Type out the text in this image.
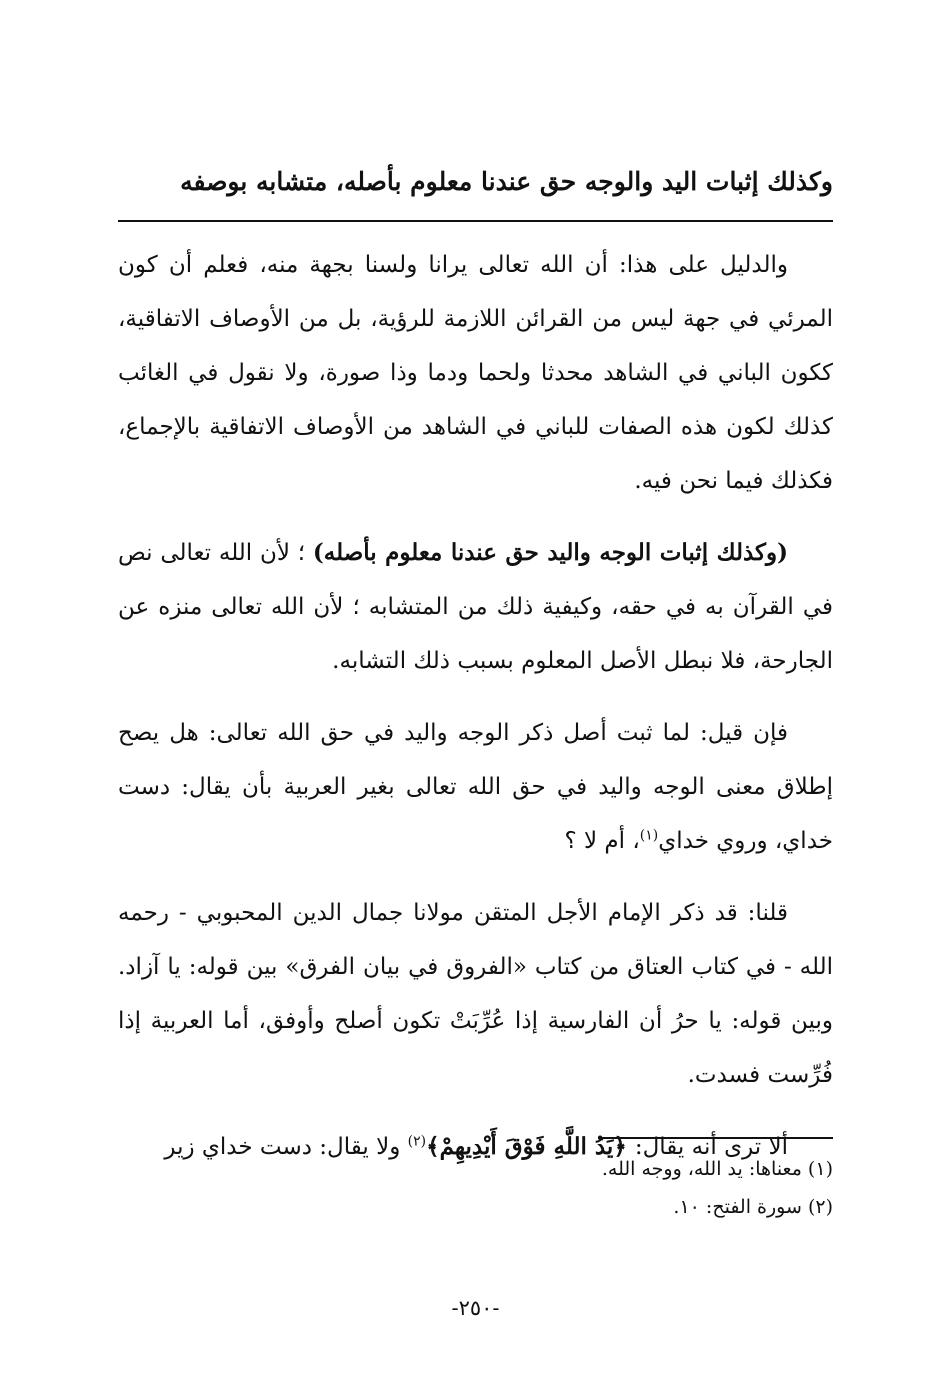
وكذلك إثبات اليد والوجه حق عندنا معلوم بأصله، متشابه بوصفه

والدليل على هذا: أن الله تعالى يرانا ولسنا بجهة منه، فعلم أن كون المرئي في جهة ليس من القرائن اللازمة للرؤية، بل من الأوصاف الاتفاقية، ككون الباني في الشاهد محدثا ولحما ودما وذا صورة، ولا نقول في الغائب كذلك لكون هذه الصفات للباني في الشاهد من الأوصاف الاتفاقية بالإجماع، فكذلك فيما نحن فيه.

(وكذلك إثبات الوجه واليد حق عندنا معلوم بأصله) ؛ لأن الله تعالى نص في القرآن به في حقه، وكيفية ذلك من المتشابه ؛ لأن الله تعالى منزه عن الجارحة، فلا نبطل الأصل المعلوم بسبب ذلك التشابه.

فإن قيل: لما ثبت أصل ذكر الوجه واليد في حق الله تعالى: هل يصح إطلاق معنى الوجه واليد في حق الله تعالى بغير العربية بأن يقال: دست خداي، وروي خداي$^{(١)}$، أم لا ؟

قلنا: قد ذكر الإمام الأجل المتقن مولانا جمال الدين المحبوبي - رحمه الله - في كتاب العتاق من كتاب «الفروق في بيان الفرق» بين قوله: يا آزاد. وبين قوله: يا حرُ أن الفارسية إذا عُرِّبَتْ تكون أصلح وأوفق، أما العربية إذا فُرِّست فسدت.

ألا ترى أنه يقال: ﴿يَدُ اللَّهِ فَوْقَ أَيْدِيهِمْ﴾$^{(٢)}$ ولا يقال: دست خداي زير

(١) معناها: يد الله، ووجه الله.

(٢) سورة الفتح: ١٠.

-٢٥٠-
